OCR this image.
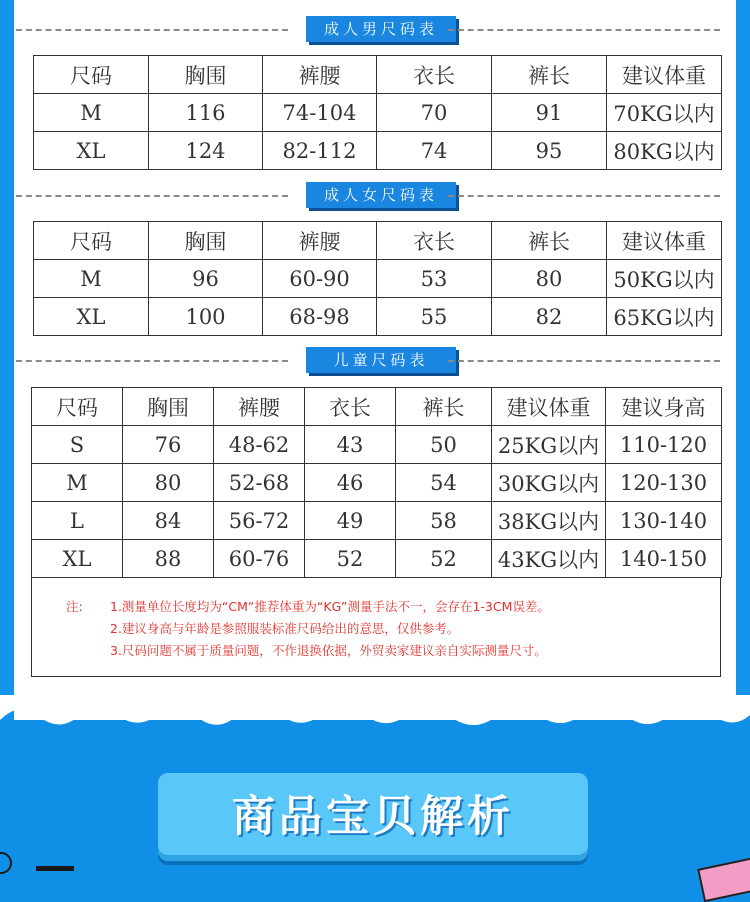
成人男尺码表
尺码	胸围	裤腰	衣长	裤长	建议体重
M	116	74-104	70	91	70KG以内
XL	124	82-112	74	95	80KG以内
成人女尺码表
尺码	胸围	裤腰	衣长	裤长	建议体重
M	96	60-90	53	80	50KG以内
XL	100	68-98	55	82	65KG以内
儿童尺码表
尺码	胸围	裤腰	衣长	裤长	建议体重	建议身高
S	76	48-62	43	50	25KG以内	110-120
M	80	52-68	46	54	30KG以内	120-130
L	84	56-72	49	58	38KG以内	130-140
XL	88	60-76	52	52	43KG以内	140-150
注: 1.测量单位长度均为“CM”推荐体重为“KG”测量手法不一，会存在1-3CM误差。
2.建议身高与年龄是参照服装标准尺码给出的意思，仅供参考。
3.尺码问题不属于质量问题，不作退换依据，外贸卖家建议亲自实际测量尺寸。
商品宝贝解析
